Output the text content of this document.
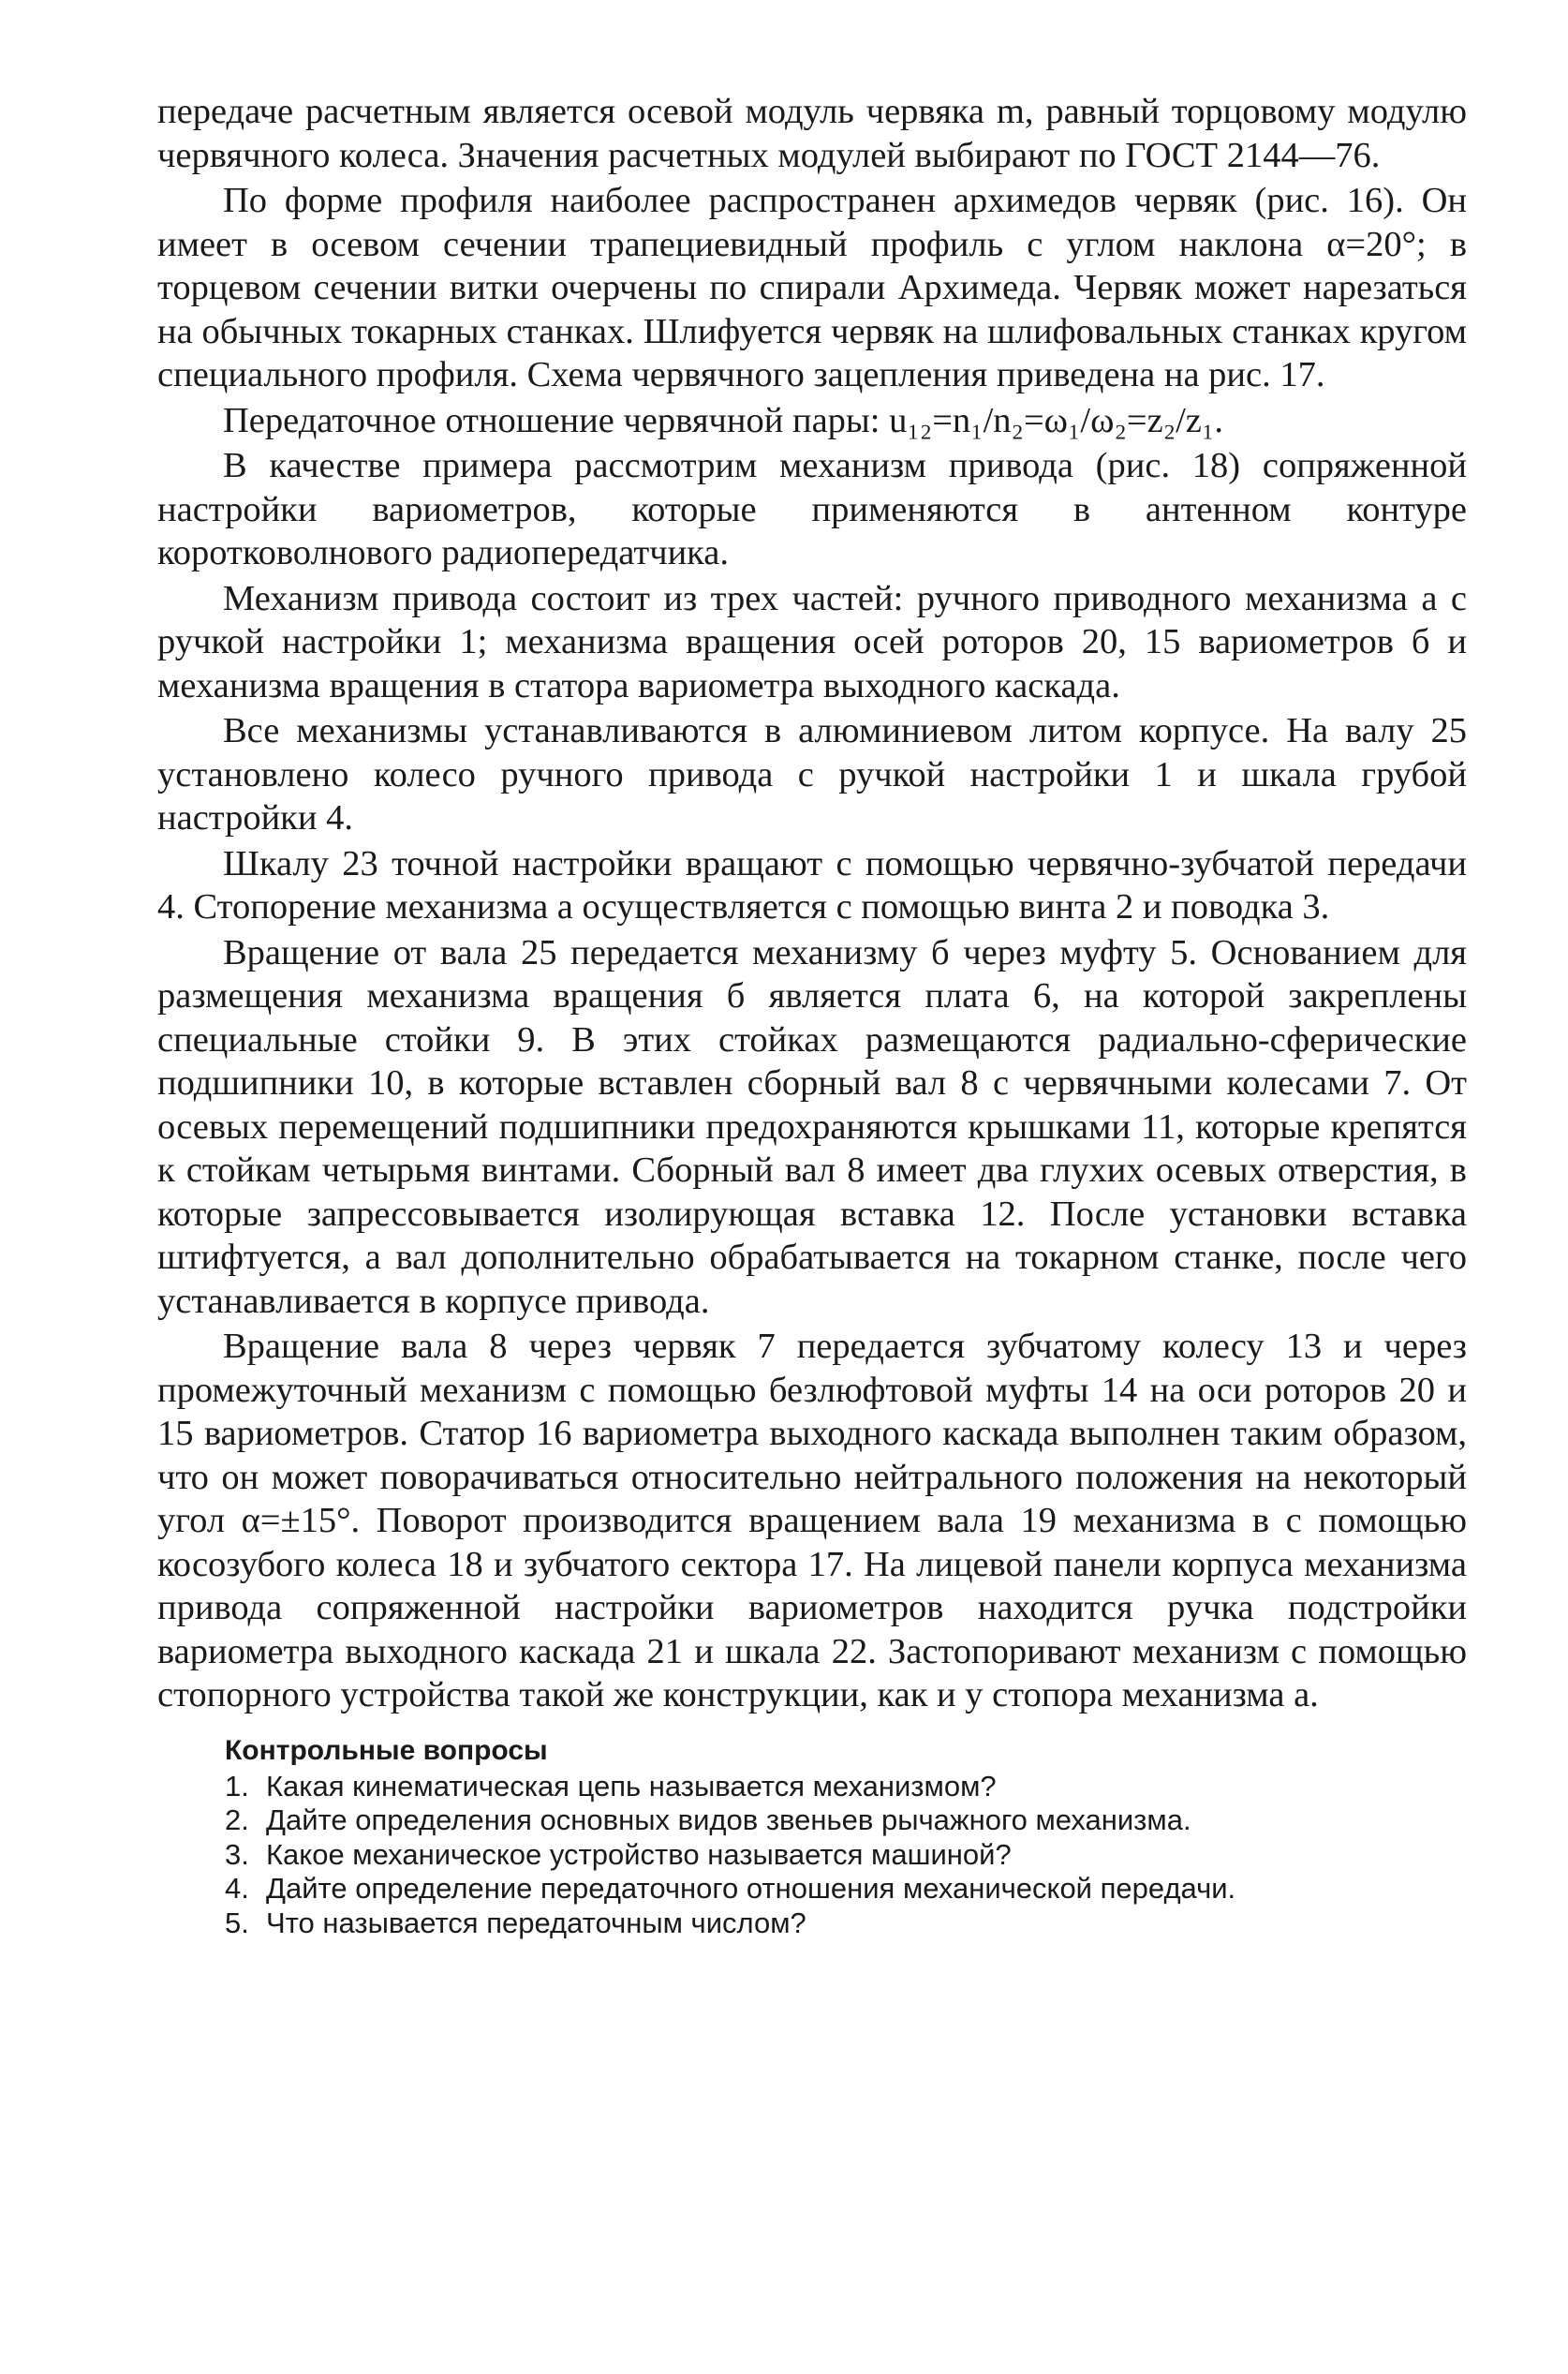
передаче расчетным является осевой модуль червяка m, равный торцовому модулю червячного колеса. Значения расчетных модулей выбирают по ГОСТ 2144—76.

По форме профиля наиболее распространен архимедов червяк (рис. 16). Он имеет в осевом сечении трапециевидный профиль с углом наклона α=20°; в торцевом сечении витки очерчены по спирали Архимеда. Червяк может нарезаться на обычных токарных станках. Шлифуется червяк на шлифовальных станках кругом специального профиля. Схема червячного зацепления приведена на рис. 17.

Передаточное отношение червячной пары: u₁₂=n₁/n₂=ω₁/ω₂=z₂/z₁.

В качестве примера рассмотрим механизм привода (рис. 18) сопряженной настройки вариометров, которые применяются в антенном контуре коротковолнового радиопередатчика.

Механизм привода состоит из трех частей: ручного приводного механизма а с ручкой настройки 1; механизма вращения осей роторов 20, 15 вариометров б и механизма вращения в статора вариометра выходного каскада.

Все механизмы устанавливаются в алюминиевом литом корпусе. На валу 25 установлено колесо ручного привода с ручкой настройки 1 и шкала грубой настройки 4.

Шкалу 23 точной настройки вращают с помощью червячно-зубчатой передачи 4. Стопорение механизма а осуществляется с помощью винта 2 и поводка 3.

Вращение от вала 25 передается механизму б через муфту 5. Основанием для размещения механизма вращения б является плата 6, на которой закреплены специальные стойки 9. В этих стойках размещаются радиально-сферические подшипники 10, в которые вставлен сборный вал 8 с червячными колесами 7. От осевых перемещений подшипники предохраняются крышками 11, которые крепятся к стойкам четырьмя винтами. Сборный вал 8 имеет два глухих осевых отверстия, в которые запрессовывается изолирующая вставка 12. После установки вставка штифтуется, а вал дополнительно обрабатывается на токарном станке, после чего устанавливается в корпусе привода.

Вращение вала 8 через червяк 7 передается зубчатому колесу 13 и через промежуточный механизм с помощью безлюфтовой муфты 14 на оси роторов 20 и 15 вариометров. Статор 16 вариометра выходного каскада выполнен таким образом, что он может поворачиваться относительно нейтрального положения на некоторый угол α=±15°. Поворот производится вращением вала 19 механизма в с помощью косозубого колеса 18 и зубчатого сектора 17. На лицевой панели корпуса механизма привода сопряженной настройки вариометров находится ручка подстройки вариометра выходного каскада 21 и шкала 22. Застопоривают механизм с помощью стопорного устройства такой же конструкции, как и у стопора механизма а.

Контрольные вопросы
1. Какая кинематическая цепь называется механизмом?
2. Дайте определения основных видов звеньев рычажного механизма.
3. Какое механическое устройство называется машиной?
4. Дайте определение передаточного отношения механической передачи.
5. Что называется передаточным числом?
